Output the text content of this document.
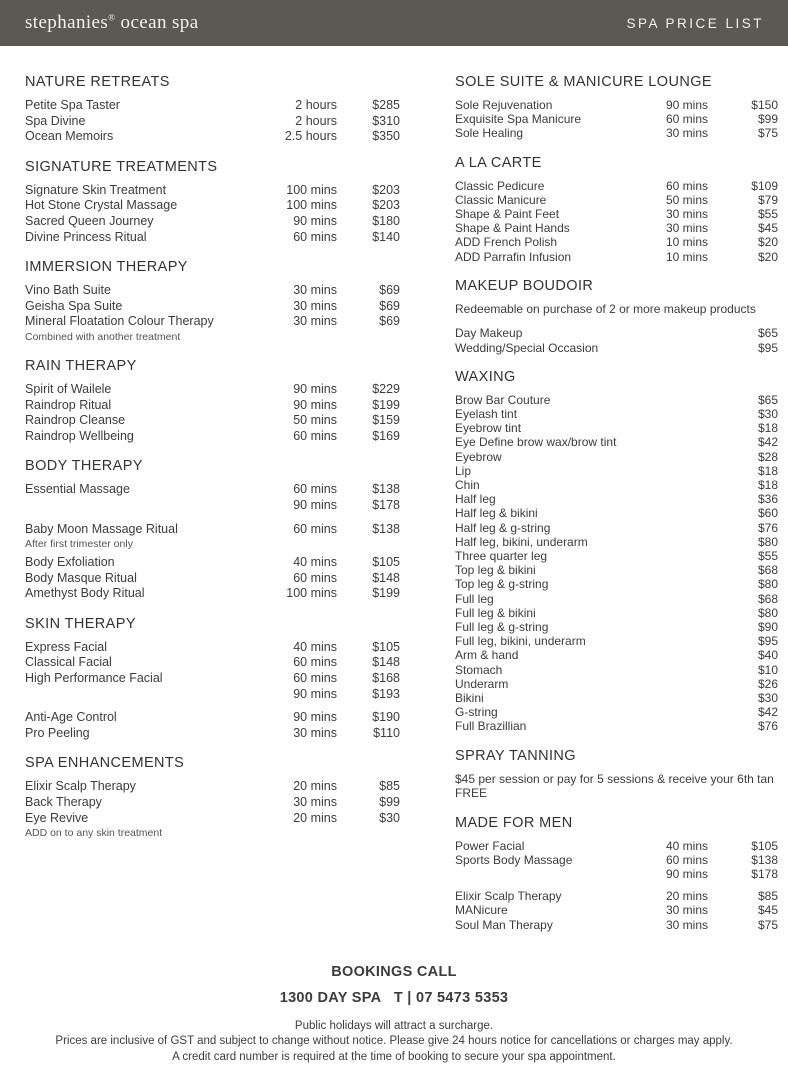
stephanies® ocean spa	SPA PRICE LIST
NATURE RETREATS
Petite Spa Taster	2 hours	$285
Spa Divine	2 hours	$310
Ocean Memoirs	2.5 hours	$350
SIGNATURE TREATMENTS
Signature Skin Treatment	100 mins	$203
Hot Stone Crystal Massage	100 mins	$203
Sacred Queen Journey	90 mins	$180
Divine Princess Ritual	60 mins	$140
IMMERSION THERAPY
Vino Bath Suite	30 mins	$69
Geisha Spa Suite	30 mins	$69
Mineral Floatation Colour Therapy	30 mins	$69
Combined with another treatment
RAIN THERAPY
Spirit of Wailele	90 mins	$229
Raindrop Ritual	90 mins	$199
Raindrop Cleanse	50 mins	$159
Raindrop Wellbeing	60 mins	$169
BODY THERAPY
Essential Massage	60 mins	$138
90 mins	$178
Baby Moon Massage Ritual	60 mins	$138
After first trimester only
Body Exfoliation	40 mins	$105
Body Masque Ritual	60 mins	$148
Amethyst Body Ritual	100 mins	$199
SKIN THERAPY
Express Facial	40 mins	$105
Classical Facial	60 mins	$148
High Performance Facial	60 mins	$168
90 mins	$193
Anti-Age Control	90 mins	$190
Pro Peeling	30 mins	$110
SPA ENHANCEMENTS
Elixir Scalp Therapy	20 mins	$85
Back Therapy	30 mins	$99
Eye Revive	20 mins	$30
ADD on to any skin treatment
SOLE SUITE & MANICURE LOUNGE
Sole Rejuvenation	90 mins	$150
Exquisite Spa Manicure	60 mins	$99
Sole Healing	30 mins	$75
A LA CARTE
Classic Pedicure	60 mins	$109
Classic Manicure	50 mins	$79
Shape & Paint Feet	30 mins	$55
Shape & Paint Hands	30 mins	$45
ADD French Polish	10 mins	$20
ADD Parrafin Infusion	10 mins	$20
MAKEUP BOUDOIR
Redeemable on purchase of 2 or more makeup products
Day Makeup	$65
Wedding/Special Occasion	$95
WAXING
Brow Bar Couture	$65
Eyelash tint	$30
Eyebrow tint	$18
Eye Define brow wax/brow tint	$42
Eyebrow	$28
Lip	$18
Chin	$18
Half leg	$36
Half leg & bikini	$60
Half leg & g-string	$76
Half leg, bikini, underarm	$80
Three quarter leg	$55
Top leg & bikini	$68
Top leg & g-string	$80
Full leg	$68
Full leg & bikini	$80
Full leg & g-string	$90
Full leg, bikini, underarm	$95
Arm & hand	$40
Stomach	$10
Underarm	$26
Bikini	$30
G-string	$42
Full Brazillian	$76
SPRAY TANNING
$45 per session or pay for 5 sessions & receive your 6th tan FREE
MADE FOR MEN
Power Facial	40 mins	$105
Sports Body Massage	60 mins	$138
90 mins	$178
Elixir Scalp Therapy	20 mins	$85
MANicure	30 mins	$45
Soul Man Therapy	30 mins	$75
BOOKINGS CALL
1300 DAY SPA   T | 07 5473 5353

Public holidays will attract a surcharge.

Prices are inclusive of GST and subject to change without notice. Please give 24 hours notice for cancellations or charges may apply.

A credit card number is required at the time of booking to secure your spa appointment.
